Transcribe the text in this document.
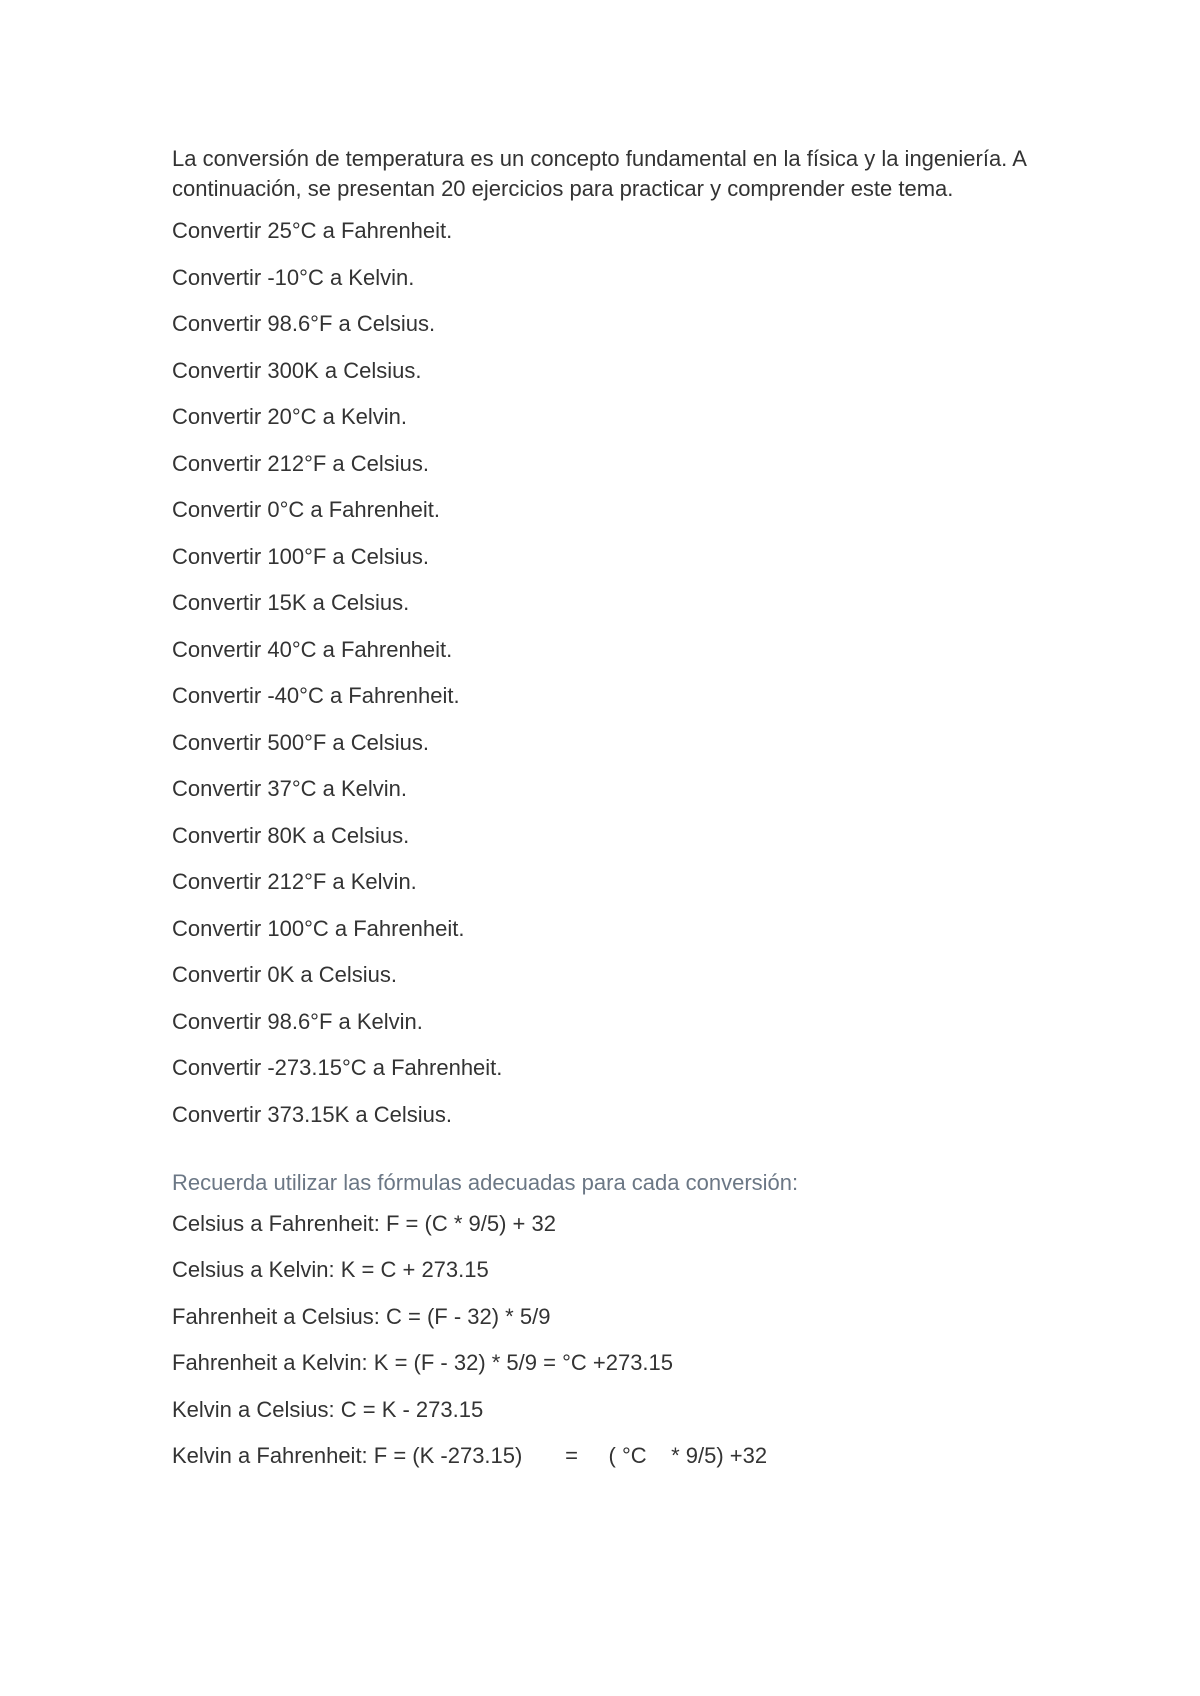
La conversión de temperatura es un concepto fundamental en la física y la ingeniería. A continuación, se presentan 20 ejercicios para practicar y comprender este tema.

Convertir 25°C a Fahrenheit.
Convertir -10°C a Kelvin.
Convertir 98.6°F a Celsius.
Convertir 300K a Celsius.
Convertir 20°C a Kelvin.
Convertir 212°F a Celsius.
Convertir 0°C a Fahrenheit.
Convertir 100°F a Celsius.
Convertir 15K a Celsius.
Convertir 40°C a Fahrenheit.
Convertir -40°C a Fahrenheit.
Convertir 500°F a Celsius.
Convertir 37°C a Kelvin.
Convertir 80K a Celsius.
Convertir 212°F a Kelvin.
Convertir 100°C a Fahrenheit.
Convertir 0K a Celsius.
Convertir 98.6°F a Kelvin.
Convertir -273.15°C a Fahrenheit.
Convertir 373.15K a Celsius.

Recuerda utilizar las fórmulas adecuadas para cada conversión:

Celsius a Fahrenheit: F = (C * 9/5) + 32
Celsius a Kelvin: K = C + 273.15
Fahrenheit a Celsius: C = (F - 32) * 5/9
Fahrenheit a Kelvin: K = (F - 32) * 5/9 = °C +273.15
Kelvin a Celsius: C = K - 273.15
Kelvin a Fahrenheit: F = (K -273.15)       =     ( °C    * 9/5) +32
